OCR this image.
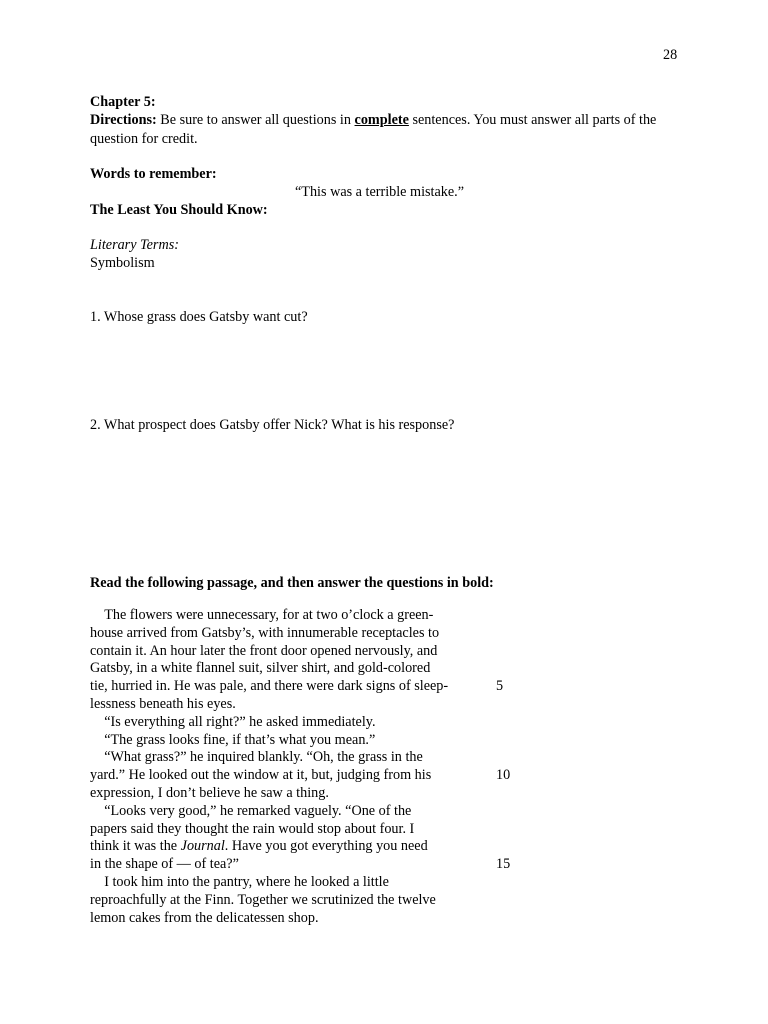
28
Chapter 5:
Directions: Be sure to answer all questions in complete sentences. You must answer all parts of the question for credit.
Words to remember:
“This was a terrible mistake.”
The Least You Should Know:
Literary Terms:
Symbolism
1. Whose grass does Gatsby want cut?
2. What prospect does Gatsby offer Nick? What is his response?
Read the following passage, and then answer the questions in bold:
The flowers were unnecessary, for at two o’clock a green-
house arrived from Gatsby’s, with innumerable receptacles to
contain it. An hour later the front door opened nervously, and
Gatsby, in a white flannel suit, silver shirt, and gold-colored
tie, hurried in. He was pale, and there were dark signs of sleep-
lessness beneath his eyes.
“Is everything all right?” he asked immediately.
“The grass looks fine, if that’s what you mean.”
“What grass?” he inquired blankly. “Oh, the grass in the
yard.” He looked out the window at it, but, judging from his
expression, I don’t believe he saw a thing.
“Looks very good,” he remarked vaguely. “One of the
papers said they thought the rain would stop about four. I
think it was the Journal. Have you got everything you need
in the shape of — of tea?”
I took him into the pantry, where he looked a little
reproachfully at the Finn. Together we scrutinized the twelve
lemon cakes from the delicatessen shop.
5
10
15
